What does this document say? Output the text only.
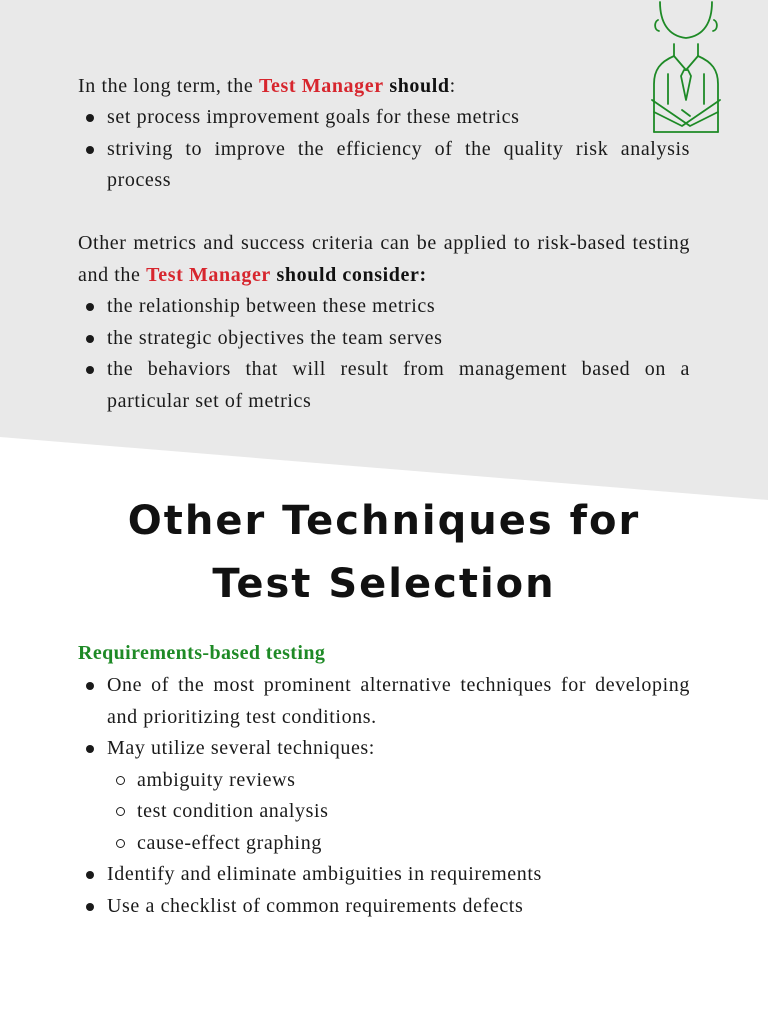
In the long term, the Test Manager should:

set process improvement goals for these metrics
striving to improve the efficiency of the quality risk analysis process

Other metrics and success criteria can be applied to risk-based testing and the Test Manager should consider:

the relationship between these metrics
the strategic objectives the team serves
the behaviors that will result from management based on a particular set of metrics
Other Techniques for
Test Selection

Requirements-based testing

One of the most prominent alternative techniques for developing and prioritizing test conditions.
May utilize several techniques:
ambiguity reviews
test condition analysis
cause-effect graphing
Identify and eliminate ambiguities in requirements
Use a checklist of common requirements defects
